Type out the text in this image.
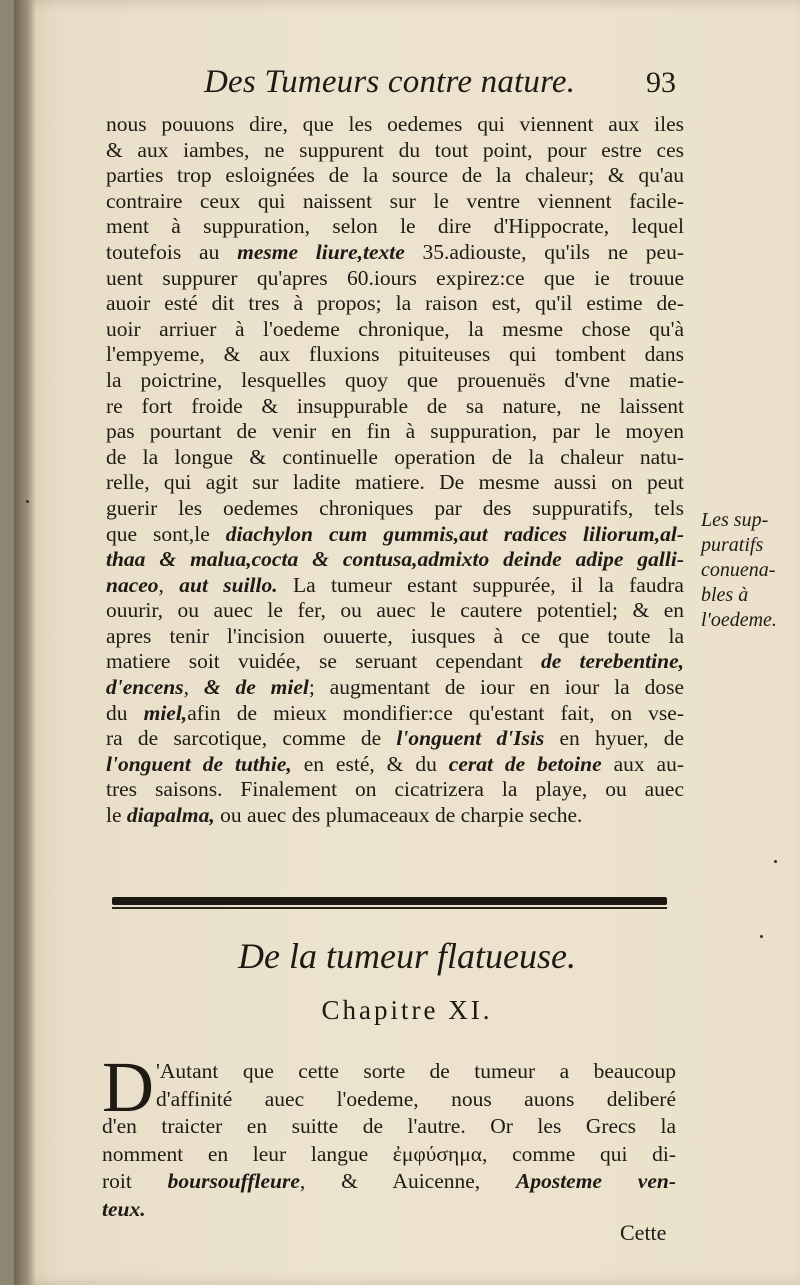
Des Tumeurs contre nature. 93
nous pouuons dire, que les oedemes qui viennent aux iles
& aux iambes, ne suppurent du tout point, pour estre ces
parties trop esloignées de la source de la chaleur; & qu'au
contraire ceux qui naissent sur le ventre viennent facile-
ment à suppuration, selon le dire d'Hippocrate, lequel
toutefois au mesme liure,texte 35.adiouste, qu'ils ne peu-
uent suppurer qu'apres 60.iours expirez:ce que ie trouue
auoir esté dit tres à propos; la raison est, qu'il estime de-
uoir arriuer à l'oedeme chronique, la mesme chose qu'à
l'empyeme, & aux fluxions pituiteuses qui tombent dans
la poictrine, lesquelles quoy que prouenuës d'vne matie-
re fort froide & insuppurable de sa nature, ne laissent
pas pourtant de venir en fin à suppuration, par le moyen
de la longue & continuelle operation de la chaleur natu-
relle, qui agit sur ladite matiere. De mesme aussi on peut
guerir les oedemes chroniques par des suppuratifs, tels
que sont,le diachylon cum gummis,aut radices liliorum,al-
thaa & malua,cocta & contusa,admixto deinde adipe galli-
naceo, aut suillo. La tumeur estant suppurée, il la faudra
ouurir, ou auec le fer, ou auec le cautere potentiel; & en
apres tenir l'incision ouuerte, iusques à ce que toute la
matiere soit vuidée, se seruant cependant de terebentine,
d'encens, & de miel; augmentant de iour en iour la dose
du miel,afin de mieux mondifier:ce qu'estant fait, on vse-
ra de sarcotique, comme de l'onguent d'Isis en hyuer, de
l'onguent de tuthie, en esté, & du cerat de betoine aux au-
tres saisons. Finalement on cicatrizera la playe, ou auec
le diapalma, ou auec des plumaceaux de charpie seche.
Les sup-
puratifs
conuena-
bles à
l'oedeme.
De la tumeur flatueuse.
Chapitre XI.
D 'Autant que cette sorte de tumeur a beaucoup
d'affinité auec l'oedeme, nous auons deliberé
d'en traicter en suitte de l'autre. Or les Grecs la
nomment en leur langue ἐμφύσημα, comme qui di-
roit boursouffleure, & Auicenne, Aposteme ven-
teux.
Cette
